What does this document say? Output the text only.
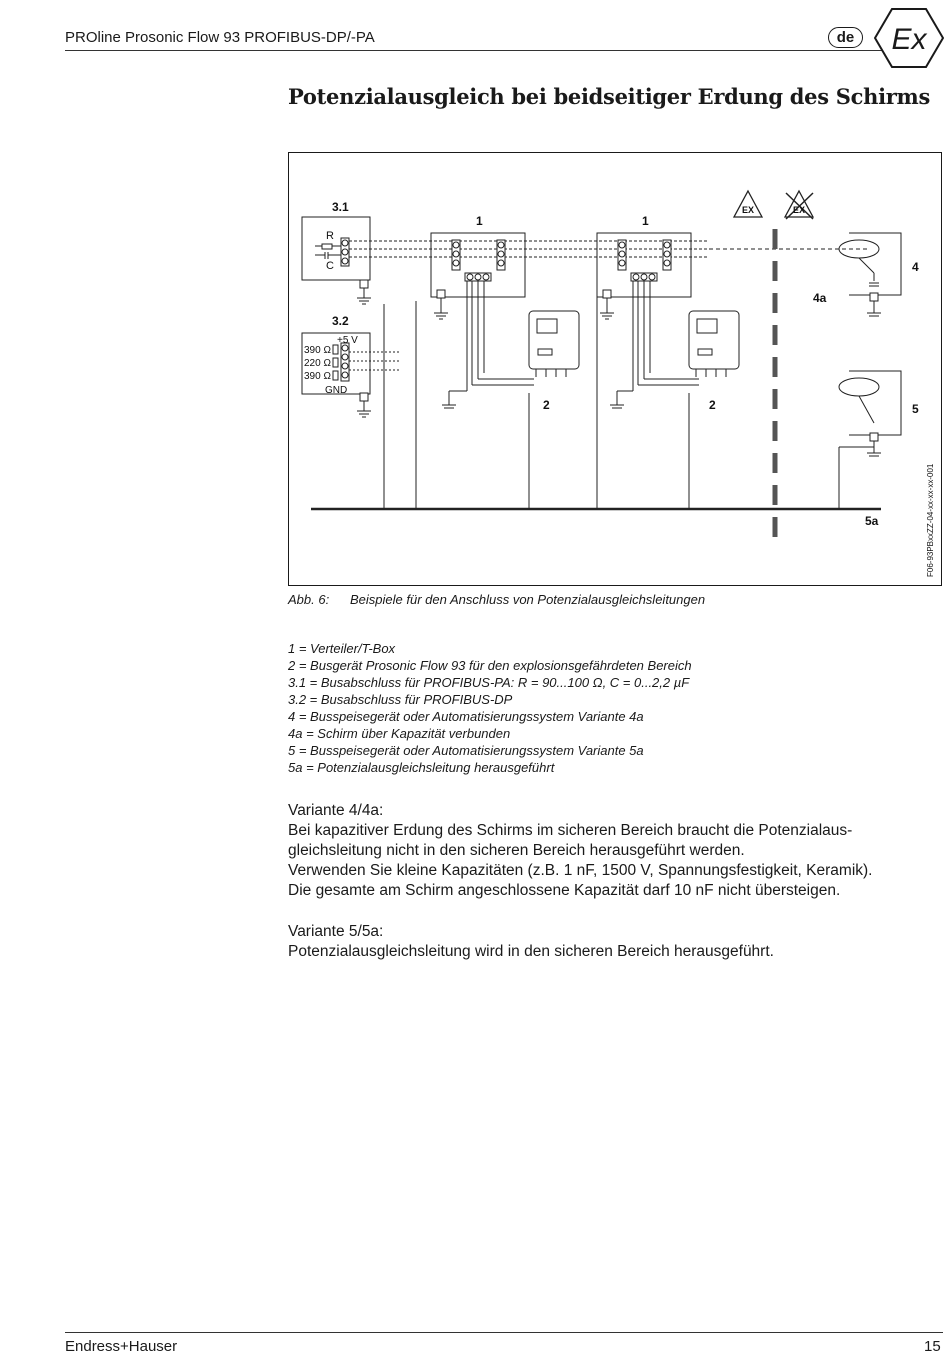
PROline Prosonic Flow 93 PROFIBUS-DP/-PA	de Ex
Potenzialausgleich bei beidseitiger Erdung des Schirms
3.1
R
C
3.2
+5 V
390 Ω
220 Ω
390 Ω
GND
1	1
2	2
4
4a
5
5a
EX	EX
F06-93PBxxZZ-04-xx-xx-xx-001
Abb. 6: Beispiele für den Anschluss von Potenzialausgleichsleitungen
1 = Verteiler/T-Box
2 = Busgerät Prosonic Flow 93 für den explosionsgefährdeten Bereich
3.1 = Busabschluss für PROFIBUS-PA: R = 90...100 Ω, C = 0...2,2 µF
3.2 = Busabschluss für PROFIBUS-DP
4 = Busspeisegerät oder Automatisierungssystem Variante 4a
4a = Schirm über Kapazität verbunden
5 = Busspeisegerät oder Automatisierungssystem Variante 5a
5a = Potenzialausgleichsleitung herausgeführt
Variante 4/4a:
Bei kapazitiver Erdung des Schirms im sicheren Bereich braucht die Potenzialaus-
gleichsleitung nicht in den sicheren Bereich herausgeführt werden.
Verwenden Sie kleine Kapazitäten (z.B. 1 nF, 1500 V, Spannungsfestigkeit, Keramik).
Die gesamte am Schirm angeschlossene Kapazität darf 10 nF nicht übersteigen.
Variante 5/5a:
Potenzialausgleichsleitung wird in den sicheren Bereich herausgeführt.
Endress+Hauser	15
